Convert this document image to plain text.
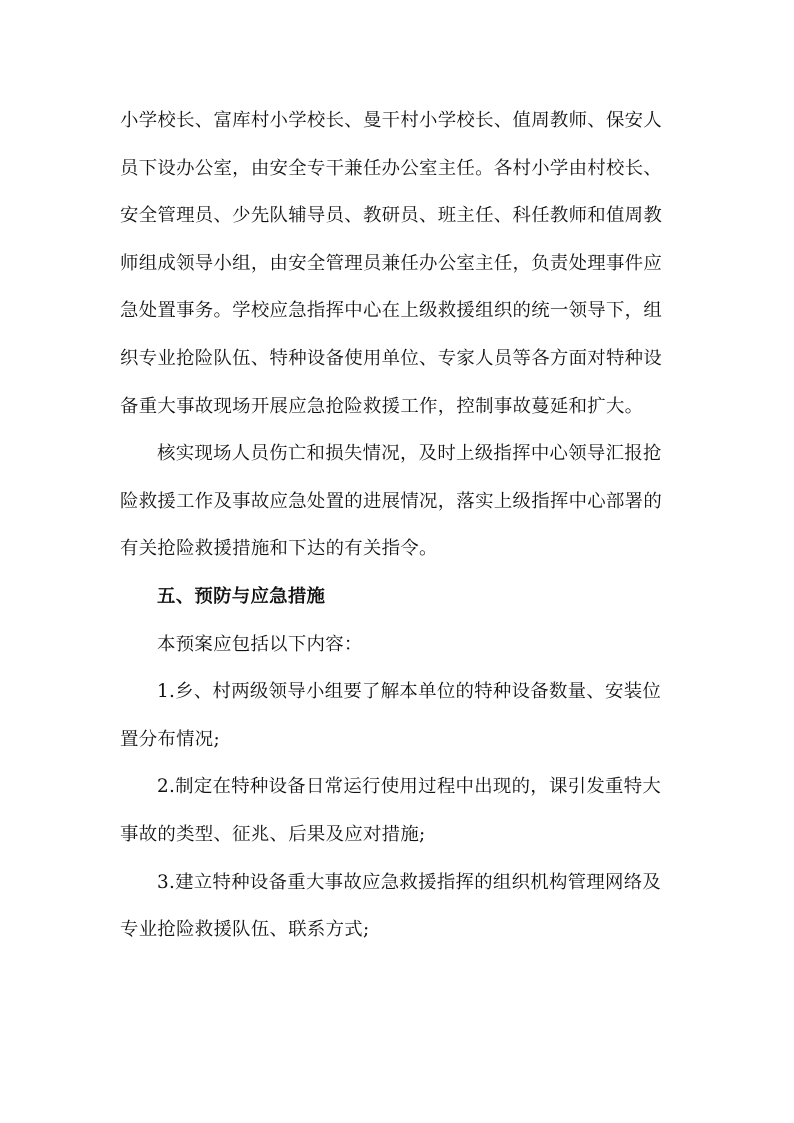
小学校长、富库村小学校长、曼干村小学校长、值周教师、保安人
员下设办公室，由安全专干兼任办公室主任。各村小学由村校长、
安全管理员、少先队辅导员、教研员、班主任、科任教师和值周教
师组成领导小组，由安全管理员兼任办公室主任，负责处理事件应
急处置事务。学校应急指挥中心在上级救援组织的统一领导下，组
织专业抢险队伍、特种设备使用单位、专家人员等各方面对特种设
备重大事故现场开展应急抢险救援工作，控制事故蔓延和扩大。
核实现场人员伤亡和损失情况，及时上级指挥中心领导汇报抢
险救援工作及事故应急处置的进展情况，落实上级指挥中心部署的
有关抢险救援措施和下达的有关指令。
五、预防与应急措施
本预案应包括以下内容：
1.乡、村两级领导小组要了解本单位的特种设备数量、安装位
置分布情况;
2.制定在特种设备日常运行使用过程中出现的，课引发重特大
事故的类型、征兆、后果及应对措施;
3.建立特种设备重大事故应急救援指挥的组织机构管理网络及
专业抢险救援队伍、联系方式;
